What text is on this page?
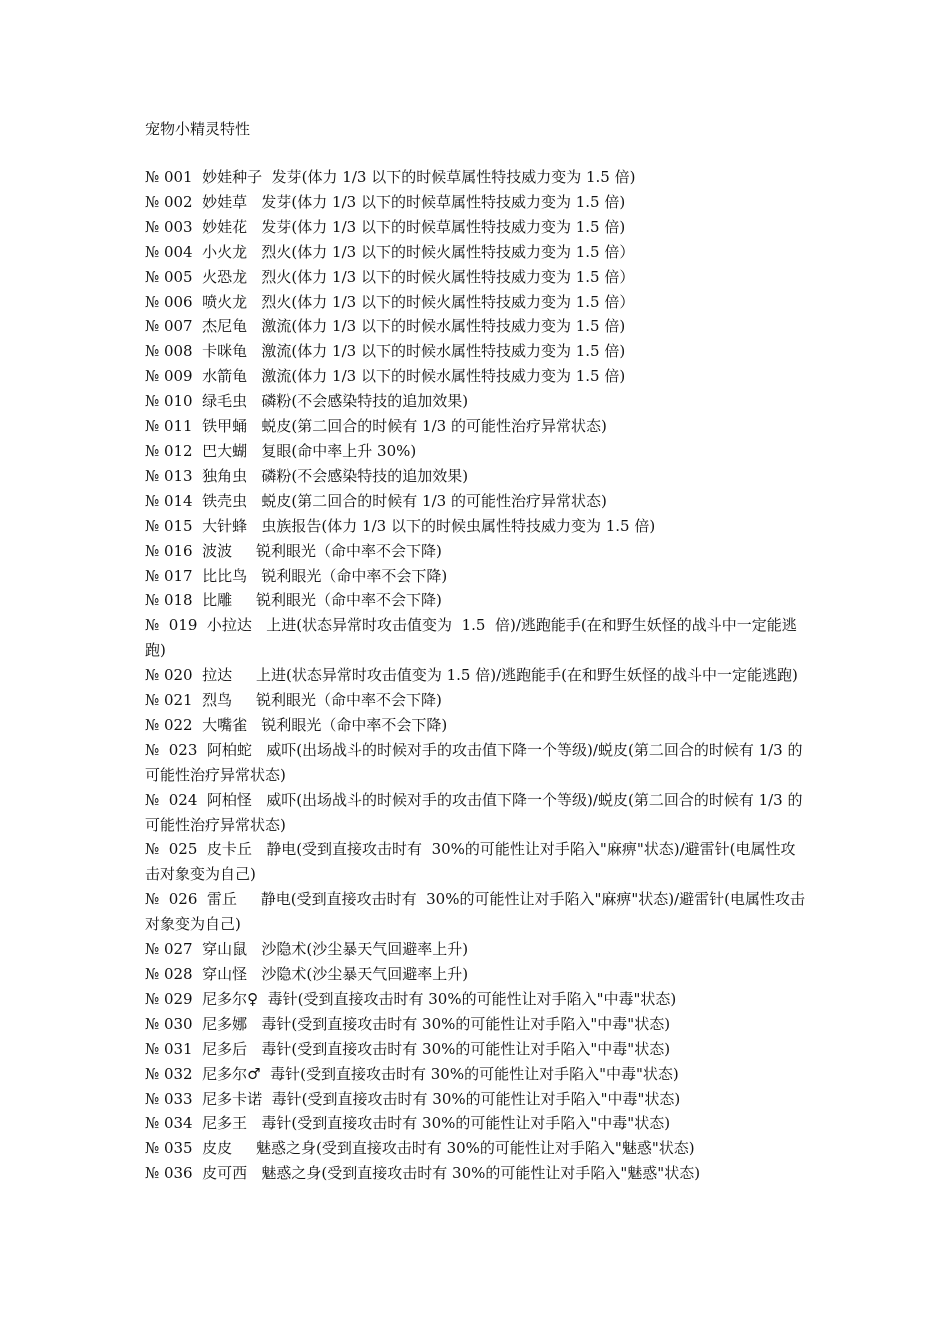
宠物小精灵特性
№ 001  妙娃种子  发芽(体力 1/3 以下的时候草属性特技威力变为 1.5 倍)
№ 002  妙娃草   发芽(体力 1/3 以下的时候草属性特技威力变为 1.5 倍)
№ 003  妙娃花   发芽(体力 1/3 以下的时候草属性特技威力变为 1.5 倍)
№ 004  小火龙   烈火(体力 1/3 以下的时候火属性特技威力变为 1.5 倍）
№ 005  火恐龙   烈火(体力 1/3 以下的时候火属性特技威力变为 1.5 倍）
№ 006  喷火龙   烈火(体力 1/3 以下的时候火属性特技威力变为 1.5 倍）
№ 007  杰尼龟   激流(体力 1/3 以下的时候水属性特技威力变为 1.5 倍)
№ 008  卡咪龟   激流(体力 1/3 以下的时候水属性特技威力变为 1.5 倍)
№ 009  水箭龟   激流(体力 1/3 以下的时候水属性特技威力变为 1.5 倍)
№ 010  绿毛虫   磷粉(不会感染特技的追加效果)
№ 011  铁甲蛹   蜕皮(第二回合的时候有 1/3 的可能性治疗异常状态)
№ 012  巴大蝴   复眼(命中率上升 30%)
№ 013  独角虫   磷粉(不会感染特技的追加效果)
№ 014  铁壳虫   蜕皮(第二回合的时候有 1/3 的可能性治疗异常状态)
№ 015  大针蜂   虫族报告(体力 1/3 以下的时候虫属性特技威力变为 1.5 倍)
№ 016  波波     锐利眼光（命中率不会下降)
№ 017  比比鸟   锐利眼光（命中率不会下降)
№ 018  比雕     锐利眼光（命中率不会下降)
№  019  小拉达   上进(状态异常时攻击值变为  1.5  倍)/逃跑能手(在和野生妖怪的战斗中一定能逃跑)
№ 020  拉达     上进(状态异常时攻击值变为 1.5 倍)/逃跑能手(在和野生妖怪的战斗中一定能逃跑)
№ 021  烈鸟     锐利眼光（命中率不会下降)
№ 022  大嘴雀   锐利眼光（命中率不会下降)
№  023  阿柏蛇   威吓(出场战斗的时候对手的攻击值下降一个等级)/蜕皮(第二回合的时候有 1/3 的可能性治疗异常状态)
№  024  阿柏怪   威吓(出场战斗的时候对手的攻击值下降一个等级)/蜕皮(第二回合的时候有 1/3 的可能性治疗异常状态)
№  025  皮卡丘   静电(受到直接攻击时有  30%的可能性让对手陷入"麻痹"状态)/避雷针(电属性攻击对象变为自己)
№  026  雷丘     静电(受到直接攻击时有  30%的可能性让对手陷入"麻痹"状态)/避雷针(电属性攻击对象变为自己)
№ 027  穿山鼠   沙隐术(沙尘暴天气回避率上升)
№ 028  穿山怪   沙隐术(沙尘暴天气回避率上升)
№ 029  尼多尔♀  毒针(受到直接攻击时有 30%的可能性让对手陷入"中毒"状态)
№ 030  尼多娜   毒针(受到直接攻击时有 30%的可能性让对手陷入"中毒"状态)
№ 031  尼多后   毒针(受到直接攻击时有 30%的可能性让对手陷入"中毒"状态)
№ 032  尼多尔♂  毒针(受到直接攻击时有 30%的可能性让对手陷入"中毒"状态)
№ 033  尼多卡诺  毒针(受到直接攻击时有 30%的可能性让对手陷入"中毒"状态)
№ 034  尼多王   毒针(受到直接攻击时有 30%的可能性让对手陷入"中毒"状态)
№ 035  皮皮     魅惑之身(受到直接攻击时有 30%的可能性让对手陷入"魅惑"状态)
№ 036  皮可西   魅惑之身(受到直接攻击时有 30%的可能性让对手陷入"魅惑"状态)
